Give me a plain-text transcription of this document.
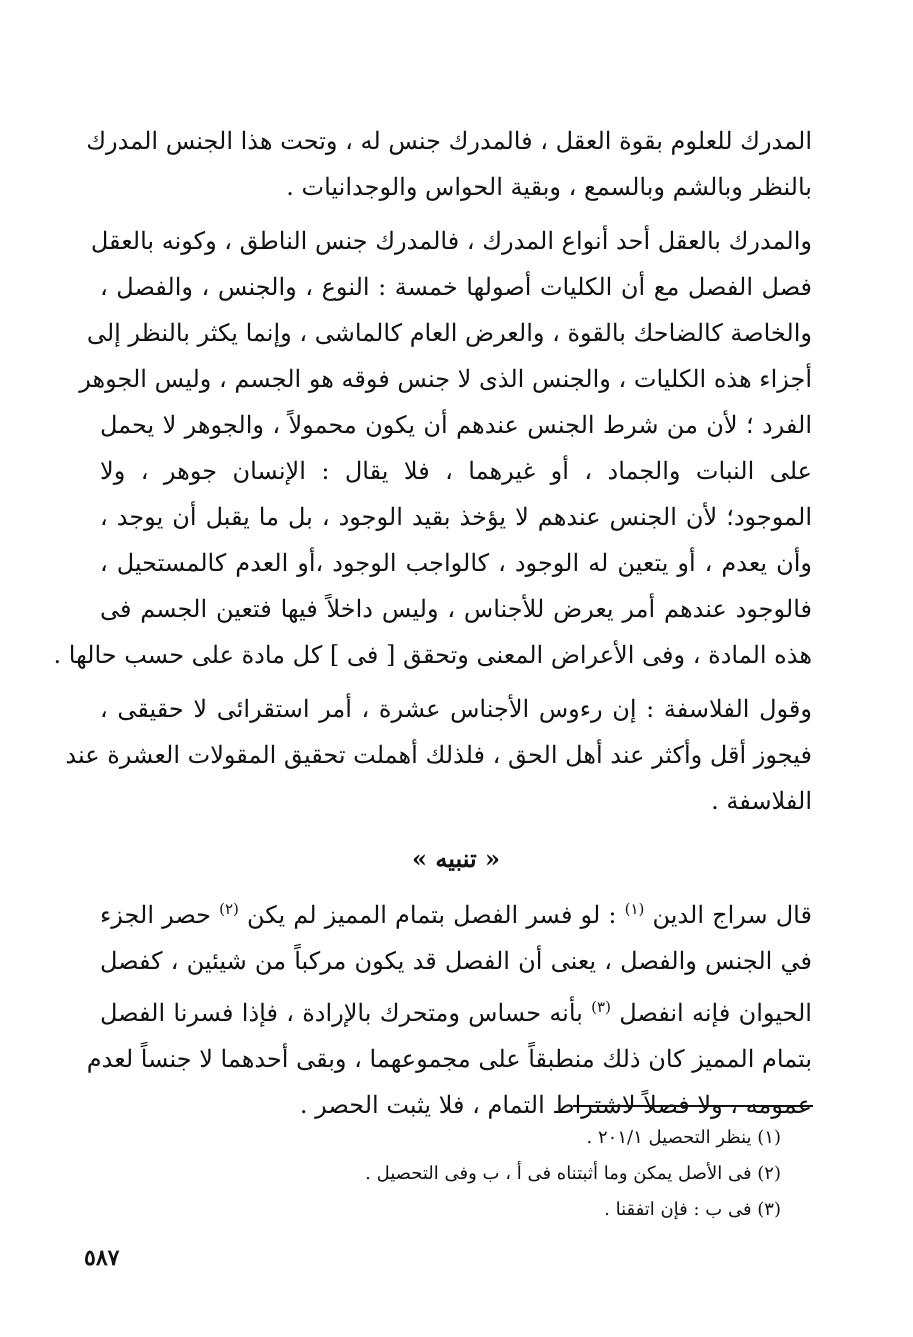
المدرك للعلوم بقوة العقل ، فالمدرك جنس له ، وتحت هذا الجنس المدرك
بالنظر وبالشم وبالسمع ، وبقية الحواس والوجدانيات .

والمدرك بالعقل أحد أنواع المدرك ، فالمدرك جنس الناطق ، وكونه بالعقل
فصل الفصل مع أن الكليات أصولها خمسة : النوع ، والجنس ، والفصل ،
والخاصة كالضاحك بالقوة ، والعرض العام كالماشى ، وإنما يكثر بالنظر إلى
أجزاء هذه الكليات ، والجنس الذى لا جنس فوقه هو الجسم ، وليس الجوهر
الفرد ؛ لأن من شرط الجنس عندهم أن يكون محمولاً ، والجوهر لا يحمل
على النبات والجماد ، أو غيرهما ، فلا يقال : الإنسان جوهر ، ولا
الموجود؛ لأن الجنس عندهم لا يؤخذ بقيد الوجود ، بل ما يقبل أن يوجد ،
وأن يعدم ، أو يتعين له الوجود ، كالواجب الوجود ،أو العدم كالمستحيل ،
فالوجود عندهم أمر يعرض للأجناس ، وليس داخلاً فيها فتعين الجسم فى
هذه المادة ، وفى الأعراض المعنى وتحقق [ فى ] كل مادة على حسب حالها .

وقول الفلاسفة : إن رءوس الأجناس عشرة ، أمر استقرائى لا حقيقى ،
فيجوز أقل وأكثر عند أهل الحق ، فلذلك أهملت تحقيق المقولات العشرة عند
الفلاسفة .

« تنبيه »

قال سراج الدين $^{(١)}$ : لو فسر الفصل بتمام المميز لم يكن $^{(٢)}$ حصر الجزء
في الجنس والفصل ، يعنى أن الفصل قد يكون مركباً من شيئين ، كفصل
الحيوان فإنه انفصل $^{(٣)}$ بأنه حساس ومتحرك بالإرادة ، فإذا فسرنا الفصل
بتمام المميز كان ذلك منطبقاً على مجموعهما ، وبقى أحدهما لا جنساً لعدم
عمومه ، ولا فصلاً لاشتراط التمام ، فلا يثبت الحصر .

(١) ينظر التحصيل ٢٠١/١ .
(٢) فى الأصل يمكن وما أثبتناه فى أ ، ب وفى التحصيل .
(٣) فى ب : فإن اتفقنا .
٥٨٧
